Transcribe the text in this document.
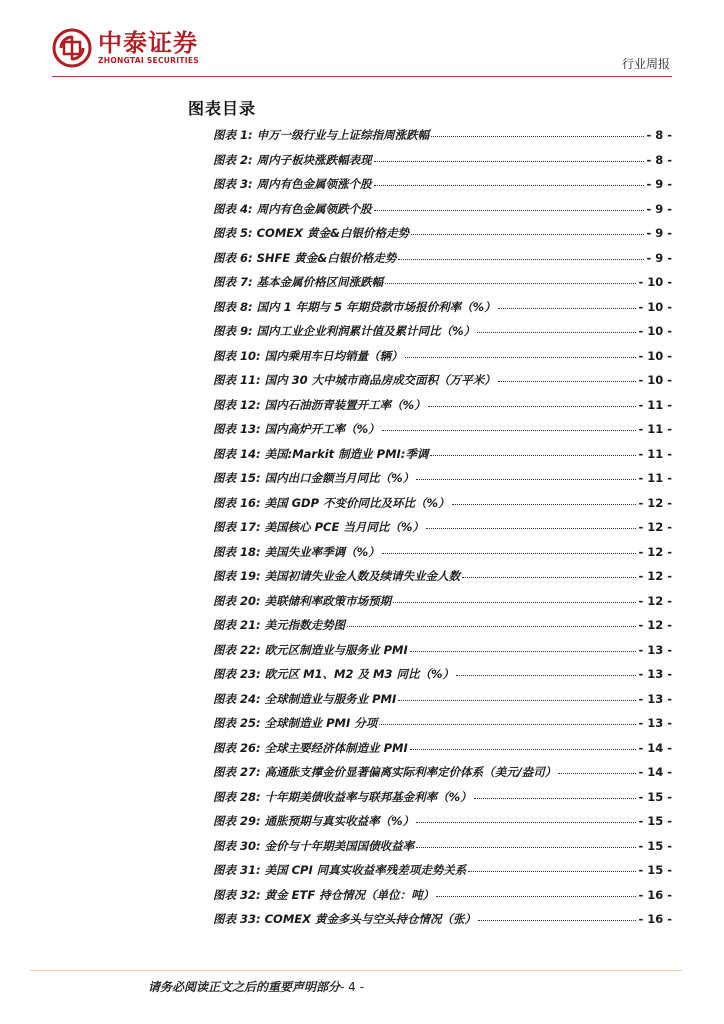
中泰证券
ZHONGTAI SECURITIES	行业周报
图表目录
图表 1: 申万一级行业与上证综指周涨跌幅	- 8 -
图表 2: 周内子板块涨跌幅表现	- 8 -
图表 3: 周内有色金属领涨个股	- 9 -
图表 4: 周内有色金属领跌个股	- 9 -
图表 5: COMEX 黄金&白银价格走势	- 9 -
图表 6: SHFE 黄金&白银价格走势	- 9 -
图表 7: 基本金属价格区间涨跌幅	- 10 -
图表 8: 国内 1 年期与 5 年期贷款市场报价利率（%）	- 10 -
图表 9: 国内工业企业利润累计值及累计同比（%）	- 10 -
图表 10: 国内乘用车日均销量（辆）	- 10 -
图表 11: 国内 30 大中城市商品房成交面积（万平米）	- 10 -
图表 12: 国内石油沥青装置开工率（%）	- 11 -
图表 13: 国内高炉开工率（%）	- 11 -
图表 14: 美国:Markit 制造业 PMI:季调	- 11 -
图表 15: 国内出口金额当月同比（%）	- 11 -
图表 16: 美国 GDP 不变价同比及环比（%）	- 12 -
图表 17: 美国核心 PCE 当月同比（%）	- 12 -
图表 18: 美国失业率季调（%）	- 12 -
图表 19: 美国初请失业金人数及续请失业金人数	- 12 -
图表 20: 美联储利率政策市场预期	- 12 -
图表 21: 美元指数走势图	- 12 -
图表 22: 欧元区制造业与服务业 PMI	- 13 -
图表 23: 欧元区 M1、M2 及 M3 同比（%）	- 13 -
图表 24: 全球制造业与服务业 PMI	- 13 -
图表 25: 全球制造业 PMI 分项	- 13 -
图表 26: 全球主要经济体制造业 PMI	- 14 -
图表 27: 高通胀支撑金价显著偏离实际利率定价体系（美元/盎司）	- 14 -
图表 28: 十年期美债收益率与联邦基金利率（%）	- 15 -
图表 29: 通胀预期与真实收益率（%）	- 15 -
图表 30: 金价与十年期美国国债收益率	- 15 -
图表 31: 美国 CPI 同真实收益率残差项走势关系	- 15 -
图表 32: 黄金 ETF 持仓情况（单位：吨）	- 16 -
图表 33: COMEX 黄金多头与空头持仓情况（张）	- 16 -
请务必阅读正文之后的重要声明部分- 4 -
